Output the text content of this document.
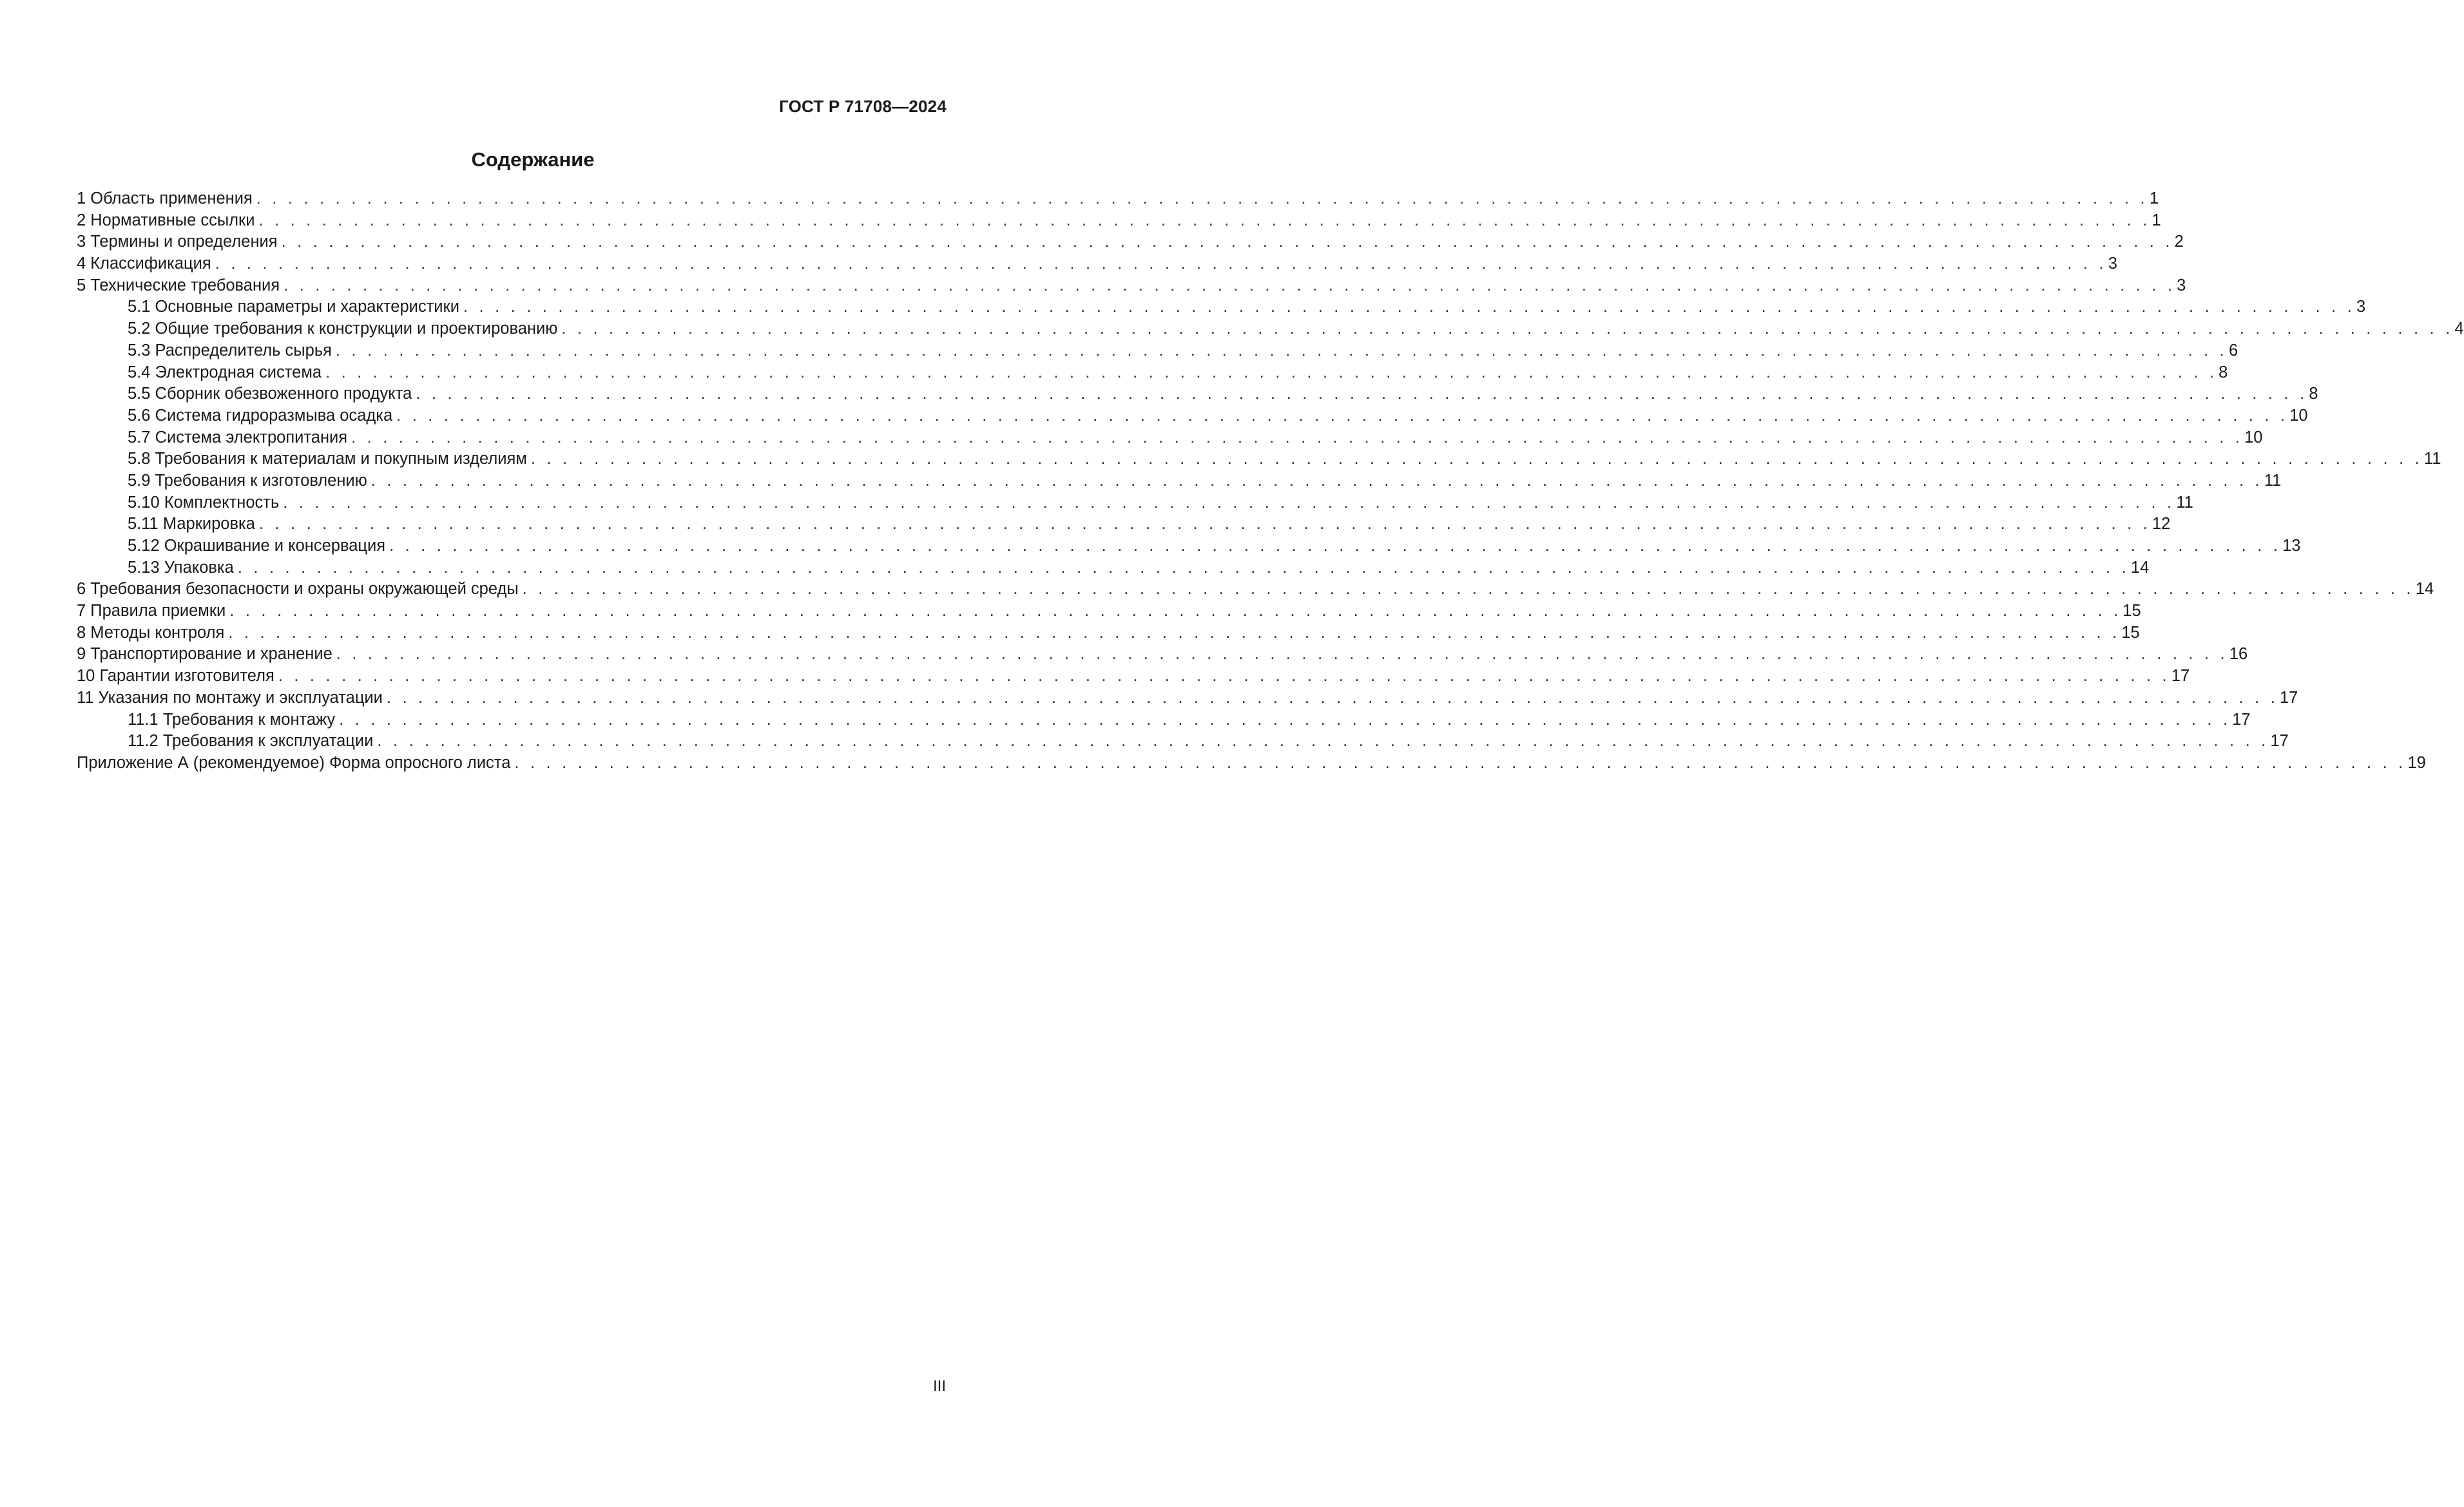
ГОСТ Р 71708—2024
Содержание
1 Область применения . . . . . . . . . . . . . . . . . . . . . . . . . . . . . . . . . . . . . . . . . . . . . . . . . . . . . . . . . . . . . . . . . . . . . . . . . . . . . . . . . . . . . . . . . . . . . . . . . . . . . . . . . . . . . . . . . . . . . . . . 1
2 Нормативные ссылки . . . . . . . . . . . . . . . . . . . . . . . . . . . . . . . . . . . . . . . . . . . . . . . . . . . . . . . . . . . . . . . . . . . . . . . . . . . . . . . . . . . . . . . . . . . . . . . . . . . . . . . . . . . . . . . . . . . . . . . . 1
3 Термины и определения . . . . . . . . . . . . . . . . . . . . . . . . . . . . . . . . . . . . . . . . . . . . . . . . . . . . . . . . . . . . . . . . . . . . . . . . . . . . . . . . . . . . . . . . . . . . . . . . . . . . . . . . . . . . . . . . . . . . . . . . 2
4 Классификация . . . . . . . . . . . . . . . . . . . . . . . . . . . . . . . . . . . . . . . . . . . . . . . . . . . . . . . . . . . . . . . . . . . . . . . . . . . . . . . . . . . . . . . . . . . . . . . . . . . . . . . . . . . . . . . . . . . . . . . . 3
5 Технические требования . . . . . . . . . . . . . . . . . . . . . . . . . . . . . . . . . . . . . . . . . . . . . . . . . . . . . . . . . . . . . . . . . . . . . . . . . . . . . . . . . . . . . . . . . . . . . . . . . . . . . . . . . . . . . . . . . . . . . . . . 3
5.1 Основные параметры и характеристики . . . . . . . . . . . . . . . . . . . . . . . . . . . . . . . . . . . . . . . . . . . . . . . . . . . . . . . . . . . . . . . . . . . . . . . . . . . . . . . . . . . . . . . . . . . . . . . . . . . . . . . . . . . . . . . . . . . . . . . . 3
5.2 Общие требования к конструкции и проектированию . . . . . . . . . . . . . . . . . . . . . . . . . . . . . . . . . . . . . . . . . . . . . . . . . . . . . . . . . . . . . . . . . . . . . . . . . . . . . . . . . . . . . . . . . . . . . . . . . . . . . . . . . . . . . . . . . . . . . . . . 4
5.3 Распределитель сырья . . . . . . . . . . . . . . . . . . . . . . . . . . . . . . . . . . . . . . . . . . . . . . . . . . . . . . . . . . . . . . . . . . . . . . . . . . . . . . . . . . . . . . . . . . . . . . . . . . . . . . . . . . . . . . . . . . . . . . . . 6
5.4 Электродная система . . . . . . . . . . . . . . . . . . . . . . . . . . . . . . . . . . . . . . . . . . . . . . . . . . . . . . . . . . . . . . . . . . . . . . . . . . . . . . . . . . . . . . . . . . . . . . . . . . . . . . . . . . . . . . . . . . . . . . . . 8
5.5 Сборник обезвоженного продукта . . . . . . . . . . . . . . . . . . . . . . . . . . . . . . . . . . . . . . . . . . . . . . . . . . . . . . . . . . . . . . . . . . . . . . . . . . . . . . . . . . . . . . . . . . . . . . . . . . . . . . . . . . . . . . . . . . . . . . . . 8
5.6 Система гидроразмыва осадка . . . . . . . . . . . . . . . . . . . . . . . . . . . . . . . . . . . . . . . . . . . . . . . . . . . . . . . . . . . . . . . . . . . . . . . . . . . . . . . . . . . . . . . . . . . . . . . . . . . . . . . . . . . . . . . . . . . . . . . . 10
5.7 Система электропитания . . . . . . . . . . . . . . . . . . . . . . . . . . . . . . . . . . . . . . . . . . . . . . . . . . . . . . . . . . . . . . . . . . . . . . . . . . . . . . . . . . . . . . . . . . . . . . . . . . . . . . . . . . . . . . . . . . . . . . . . 10
5.8 Требования к материалам и покупным изделиям . . . . . . . . . . . . . . . . . . . . . . . . . . . . . . . . . . . . . . . . . . . . . . . . . . . . . . . . . . . . . . . . . . . . . . . . . . . . . . . . . . . . . . . . . . . . . . . . . . . . . . . . . . . . . . . . . . . . . . . . 11
5.9 Требования к изготовлению . . . . . . . . . . . . . . . . . . . . . . . . . . . . . . . . . . . . . . . . . . . . . . . . . . . . . . . . . . . . . . . . . . . . . . . . . . . . . . . . . . . . . . . . . . . . . . . . . . . . . . . . . . . . . . . . . . . . . . . . 11
5.10 Комплектность . . . . . . . . . . . . . . . . . . . . . . . . . . . . . . . . . . . . . . . . . . . . . . . . . . . . . . . . . . . . . . . . . . . . . . . . . . . . . . . . . . . . . . . . . . . . . . . . . . . . . . . . . . . . . . . . . . . . . . . . 11
5.11 Маркировка . . . . . . . . . . . . . . . . . . . . . . . . . . . . . . . . . . . . . . . . . . . . . . . . . . . . . . . . . . . . . . . . . . . . . . . . . . . . . . . . . . . . . . . . . . . . . . . . . . . . . . . . . . . . . . . . . . . . . . . . 12
5.12 Окрашивание и консервация . . . . . . . . . . . . . . . . . . . . . . . . . . . . . . . . . . . . . . . . . . . . . . . . . . . . . . . . . . . . . . . . . . . . . . . . . . . . . . . . . . . . . . . . . . . . . . . . . . . . . . . . . . . . . . . . . . . . . . . . 13
5.13 Упаковка . . . . . . . . . . . . . . . . . . . . . . . . . . . . . . . . . . . . . . . . . . . . . . . . . . . . . . . . . . . . . . . . . . . . . . . . . . . . . . . . . . . . . . . . . . . . . . . . . . . . . . . . . . . . . . . . . . . . . . . . 14
6 Требования безопасности и охраны окружающей среды . . . . . . . . . . . . . . . . . . . . . . . . . . . . . . . . . . . . . . . . . . . . . . . . . . . . . . . . . . . . . . . . . . . . . . . . . . . . . . . . . . . . . . . . . . . . . . . . . . . . . . . . . . . . . . . . . . . . . . . . 14
7 Правила приемки . . . . . . . . . . . . . . . . . . . . . . . . . . . . . . . . . . . . . . . . . . . . . . . . . . . . . . . . . . . . . . . . . . . . . . . . . . . . . . . . . . . . . . . . . . . . . . . . . . . . . . . . . . . . . . . . . . . . . . . . 15
8 Методы контроля . . . . . . . . . . . . . . . . . . . . . . . . . . . . . . . . . . . . . . . . . . . . . . . . . . . . . . . . . . . . . . . . . . . . . . . . . . . . . . . . . . . . . . . . . . . . . . . . . . . . . . . . . . . . . . . . . . . . . . . . 15
9 Транспортирование и хранение . . . . . . . . . . . . . . . . . . . . . . . . . . . . . . . . . . . . . . . . . . . . . . . . . . . . . . . . . . . . . . . . . . . . . . . . . . . . . . . . . . . . . . . . . . . . . . . . . . . . . . . . . . . . . . . . . . . . . . . . 16
10 Гарантии изготовителя . . . . . . . . . . . . . . . . . . . . . . . . . . . . . . . . . . . . . . . . . . . . . . . . . . . . . . . . . . . . . . . . . . . . . . . . . . . . . . . . . . . . . . . . . . . . . . . . . . . . . . . . . . . . . . . . . . . . . . . . 17
11 Указания по монтажу и эксплуатации . . . . . . . . . . . . . . . . . . . . . . . . . . . . . . . . . . . . . . . . . . . . . . . . . . . . . . . . . . . . . . . . . . . . . . . . . . . . . . . . . . . . . . . . . . . . . . . . . . . . . . . . . . . . . . . . . . . . . . . . 17
11.1 Требования к монтажу . . . . . . . . . . . . . . . . . . . . . . . . . . . . . . . . . . . . . . . . . . . . . . . . . . . . . . . . . . . . . . . . . . . . . . . . . . . . . . . . . . . . . . . . . . . . . . . . . . . . . . . . . . . . . . . . . . . . . . . . 17
11.2 Требования к эксплуатации . . . . . . . . . . . . . . . . . . . . . . . . . . . . . . . . . . . . . . . . . . . . . . . . . . . . . . . . . . . . . . . . . . . . . . . . . . . . . . . . . . . . . . . . . . . . . . . . . . . . . . . . . . . . . . . . . . . . . . . . 17
Приложение А (рекомендуемое) Форма опросного листа . . . . . . . . . . . . . . . . . . . . . . . . . . . . . . . . . . . . . . . . . . . . . . . . . . . . . . . . . . . . . . . . . . . . . . . . . . . . . . . . . . . . . . . . . . . . . . . . . . . . . . . . . . . . . . . . . . . . . . . . 19
III
